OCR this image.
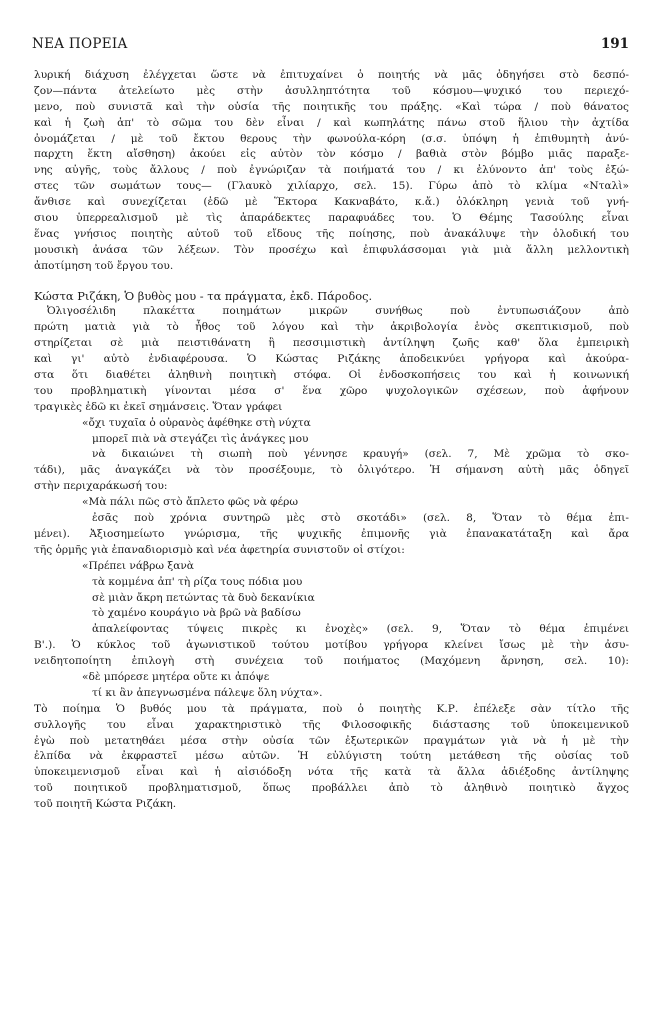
ΝΕΑ ΠΟΡΕΙΑ	191
λυρική διάχυση ἐλέγχεται ὥστε νὰ ἐπιτυχαίνει ὁ ποιητής νὰ μᾶς ὁδηγήσει στὸ δεσπό-
ζον—πάντα ἀτελείωτο μὲς στὴν ἀσυλληπτότητα τοῦ κόσμου—ψυχικό του περιεχό-
μενο, ποὺ συνιστᾶ καὶ τὴν οὐσία τῆς ποιητικῆς του πράξης. «Καὶ τώρα / ποὺ θάνατος
καὶ ἡ ζωὴ ἀπ' τὸ σῶμα του δὲν εἶναι / καὶ κωπηλάτης πάνω στοῦ ἥλιου τὴν ἀχτίδα
ὀνομάζεται / μὲ τοῦ ἔκτου θερους τὴν φωνούλα-κόρη (σ.σ. ὑπόψη ἡ ἐπιθυμητὴ ἀνύ-
παρχτη ἕκτη αἴσθηση) ἀκούει εἰς αὐτὸν τὸν κόσμο / βαθιὰ στὸν βόμβο μιᾶς παραξε-
νης αὐγῆς, τοὺς ἄλλους / ποὺ ἐγνώριζαν τὰ ποιήματά του / κι ἐλύνοντο ἀπ' τοὺς ἐξώ-
στες τῶν σωμάτων τους— (Γλαυκὸ χιλίαρχο, σελ. 15). Γύρω ἀπὸ τὸ κλίμα «Νταλὶ»
ἄνθισε καὶ συνεχίζεται (ἐδῶ μὲ Ἕκτορα Κακναβάτο, κ.ἄ.) ὁλόκληρη γενιὰ τοῦ γνή-
σιου ὑπερρεαλισμοῦ μὲ τὶς ἀπαράδεκτες παραφυάδες του. Ὁ Θέμης Τασούλης εἶναι
ἕνας γνήσιος ποιητὴς αὐτοῦ τοῦ εἴδους τῆς ποίησης, ποὺ ἀνακάλυψε τὴν ὁλοδική του
μουσικὴ ἀνάσα τῶν λέξεων. Τὸν προσέχω καὶ ἐπιφυλάσσομαι γιὰ μιὰ ἄλλη μελλοντικὴ
ἀποτίμηση τοῦ ἔργου του.
Κώστα Ριζάκη, Ὁ βυθὸς μου - τα πράγματα, ἐκδ. Πάροδος.
Ὀλιγοσέλιδη πλακέττα ποιημάτων μικρῶν συνήθως ποὺ ἐντυπωσιάζουν ἀπὸ
πρώτη ματιὰ γιὰ τὸ ἦθος τοῦ λόγου καὶ τὴν ἀκριβολογία ἑνὸς σκεπτικισμοῦ, ποὺ
στηρίζεται σὲ μιὰ πειστιθάνατη ἢ πεσσιμιστικὴ ἀντίληψη ζωῆς καθ' ὅλα ἐμπειρικὴ
καὶ γι' αὐτὸ ἐνδιαφέρουσα. Ὁ Κώστας Ριζάκης ἀποδεικνύει γρήγορα καὶ ἀκούρα-
στα ὅτι διαθέτει ἀληθινὴ ποιητικὴ στόφα. Οἱ ἐνδοσκοπήσεις του καὶ ἡ κοινωνική
του προβληματικὴ γίνονται μέσα σ' ἕνα χῶρο ψυχολογικῶν σχέσεων, ποὺ ἀφήνουν
τραγικὲς ἐδῶ κι ἐκεῖ σημάνσεις. Ὅταν γράφει
«ὄχι τυχαῖα ὁ οὐρανὸς ἀφέθηκε στὴ νύχτα
μπορεῖ πιὰ νὰ στεγάζει τὶς ἀνάγκες μου
νὰ δικαιώνει τὴ σιωπὴ ποὺ γέννησε κραυγή» (σελ. 7, Μὲ χρῶμα τὸ σκο-
τάδι), μᾶς ἀναγκάζει νὰ τὸν προσέξουμε, τὸ ὀλιγότερο. Ἡ σήμανση αὐτὴ μᾶς ὁδηγεῖ
στὴν περιχαράκωσή του:
«Μὰ πάλι πῶς στὸ ἄπλετο φῶς νὰ φέρω
ἐσᾶς ποὺ χρόνια συντηρῶ μὲς στὸ σκοτάδι» (σελ. 8, Ὅταν τὸ θέμα ἐπι-
μένει). Ἀξιοσημείωτο γνώρισμα, τῆς ψυχικῆς ἐπιμονῆς γιὰ ἐπανακατάταξη καὶ ἄρα
τῆς ὁρμῆς γιὰ ἐπαναδιορισμὸ καὶ νέα ἀφετηρία συνιστοῦν οἱ στίχοι:
«Πρέπει νάβρω ξανὰ
τὰ κομμένα ἀπ' τὴ ρίζα τους πόδια μου
σὲ μιὰν ἄκρη πετώντας τὰ δυὸ δεκανίκια
τὸ χαμένο κουράγιο νὰ βρῶ νὰ βαδίσω
ἀπαλείφοντας τύψεις πικρὲς κι ἐνοχὲς» (σελ. 9, Ὅταν τὸ θέμα ἐπιμένει
Β'.). Ὁ κύκλος τοῦ ἀγωνιστικοῦ τούτου μοτίβου γρήγορα κλείνει ἴσως μὲ τὴν ἀσυ-
νειδητοποίητη ἐπιλογὴ στὴ συνέχεια τοῦ ποιήματος (Μαχόμενη ἄρνηση, σελ. 10):
«δὲ μπόρεσε μητέρα οὔτε κι ἀπόψε
τί κι ἂν ἀπεγνωσμένα πάλεψε ὅλη νύχτα».
Τὸ ποίημα Ὁ βυθός μου τὰ πράγματα, ποὺ ὁ ποιητὴς Κ.Ρ. ἐπέλεξε σὰν τίτλο τῆς
συλλογῆς του εἶναι χαρακτηριστικὸ τῆς Φιλοσοφικῆς διάστασης τοῦ ὑποκειμενικοῦ
ἐγὼ ποὺ μετατηθάει μέσα στὴν οὐσία τῶν ἐξωτερικῶν πραγμάτων γιὰ νὰ ἡ μὲ τὴν
ἐλπίδα νὰ ἐκφραστεῖ μέσω αὐτῶν. Ἡ εὐλύγιστη τούτη μετάθεση τῆς οὐσίας τοῦ
ὑποκειμενισμοῦ εἶναι καὶ ἡ αἰσιόδοξη νότα τῆς κατὰ τὰ ἄλλα ἀδιέξοδης ἀντίληψης
τοῦ ποιητικοῦ προβληματισμοῦ, ὅπως προβάλλει ἀπὸ τὸ ἀληθινὸ ποιητικὸ ἄγχος
τοῦ ποιητῆ Κώστα Ριζάκη.
